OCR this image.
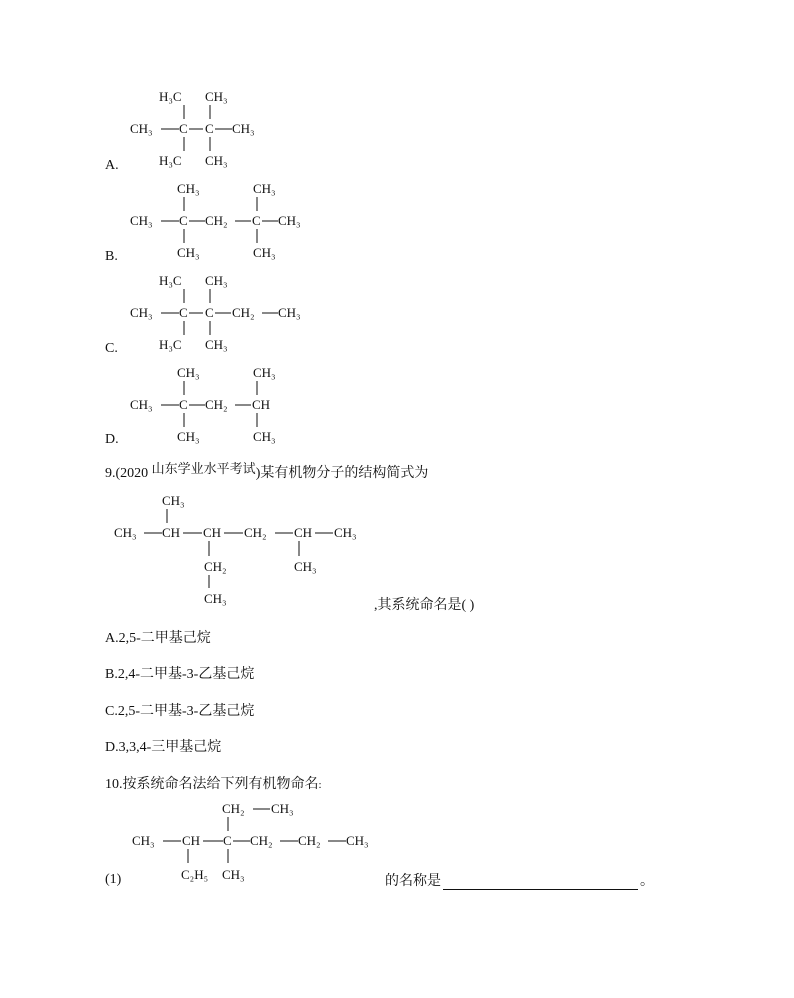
H₃C CH₃
CH₃ C C CH₃
H₃C CH₃
A.
CH₃	CH₃
CH₃ C CH₂ C CH₃
CH₃	CH₃
B.
H₃C CH₃
CH₃ C C CH₂ CH₃
H₃C CH₃
C.
CH₃	CH₃
CH₃ C CH₂ CH
CH₃	CH₃
D.
9.(2020 山东学业水平考试)某有机物分子的结构简式为
CH₃
CH₃ CH CH CH₂ CH CH₃
CH₂
CH₃
CH₃
,其系统命名是( )
A.2,5-二甲基己烷
B.2,4-二甲基-3-乙基己烷
C.2,5-二甲基-3-乙基己烷
D.3,3,4-三甲基己烷
10.按系统命名法给下列有机物命名:
CH₂ CH₃
CH₃ CH C CH₂ CH₂ CH₃
C₂H₅ CH₃
(1)	的名称是	。
